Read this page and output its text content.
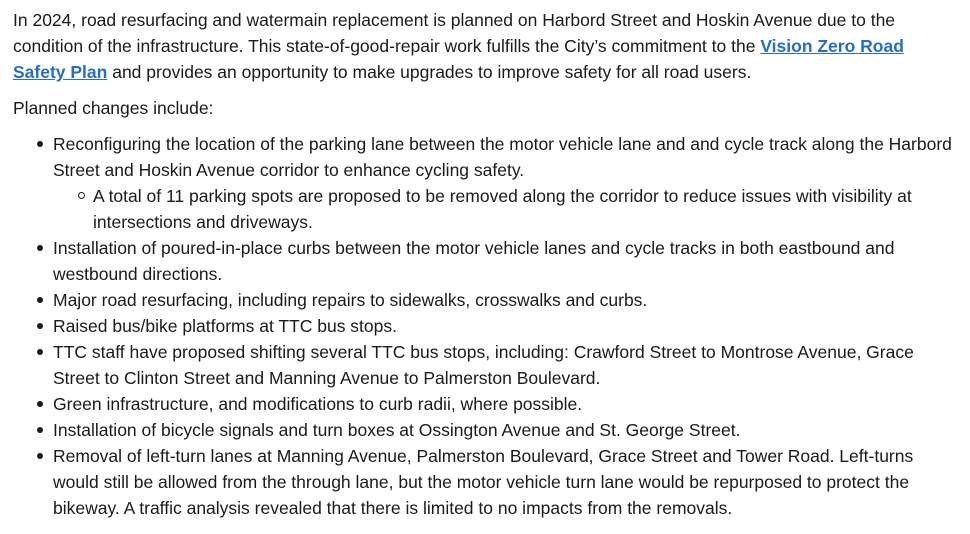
In 2024, road resurfacing and watermain replacement is planned on Harbord Street and Hoskin Avenue due to the condition of the infrastructure. This state-of-good-repair work fulfills the City’s commitment to the Vision Zero Road Safety Plan and provides an opportunity to make upgrades to improve safety for all road users.

Planned changes include:

Reconfiguring the location of the parking lane between the motor vehicle lane and and cycle track along the Harbord Street and Hoskin Avenue corridor to enhance cycling safety.
A total of 11 parking spots are proposed to be removed along the corridor to reduce issues with visibility at intersections and driveways.
Installation of poured-in-place curbs between the motor vehicle lanes and cycle tracks in both eastbound and westbound directions.
Major road resurfacing, including repairs to sidewalks, crosswalks and curbs.
Raised bus/bike platforms at TTC bus stops.
TTC staff have proposed shifting several TTC bus stops, including: Crawford Street to Montrose Avenue, Grace Street to Clinton Street and Manning Avenue to Palmerston Boulevard.
Green infrastructure, and modifications to curb radii, where possible.
Installation of bicycle signals and turn boxes at Ossington Avenue and St. George Street.
Removal of left-turn lanes at Manning Avenue, Palmerston Boulevard, Grace Street and Tower Road. Left-turns would still be allowed from the through lane, but the motor vehicle turn lane would be repurposed to protect the bikeway. A traffic analysis revealed that there is limited to no impacts from the removals.
